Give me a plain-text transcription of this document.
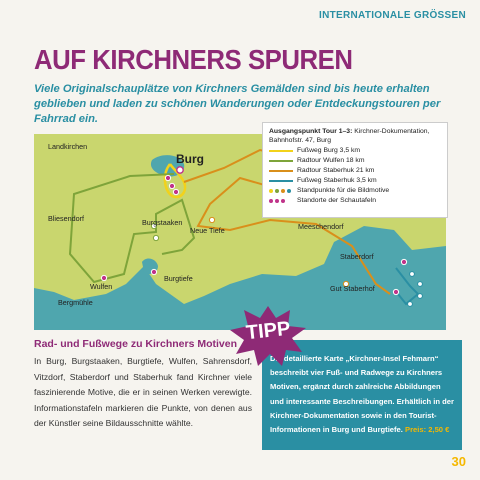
INTERNATIONALE GRÖSSEN
AUF KIRCHNERS SPUREN
Viele Originalschauplätze von Kirchners Gemälden sind bis heute erhalten geblieben und laden zu schönen Wanderungen oder Entdeckungstouren per Fahrrad ein.
Landkirchen
Burg
Meeschendorf
Bliesendorf	Burgstaaken
Neue Tiefe
Staberdorf
Gut Staberhof
Burgtiefe
Wulfen
Bergmühle
Ausgangspunkt Tour 1–3: Kirchner-Dokumentation, Bahnhofstr. 47, Burg
Fußweg Burg 3,5 km
Radtour Wulfen 18 km
Radtour Staberhuk 21 km
Fußweg Staberhuk 3,5 km
Standpunkte für die Bildmotive
Standorte der Schautafeln
Rad- und Fußwege zu Kirchners Motiven
In Burg, Burgstaaken, Burgtiefe, Wulfen, Sahrensdorf, Vitzdorf, Staberdorf und Staberhuk fand Kirchner viele faszinierende Motive, die er in seinen Werken verewigte. Informationstafeln markieren die Punkte, von denen aus der Künstler seine Bildausschnitte wählte.
Die detaillierte Karte „Kirchner-Insel Fehmarn“ beschreibt vier Fuß- und Radwege zu Kirchners Motiven, ergänzt durch zahlreiche Abbildungen und interessante Beschreibungen. Erhältlich in der Kirchner-Dokumentation sowie in den Tourist-Informationen in Burg und Burgtiefe. Preis: 2,50 €
TIPP
30
